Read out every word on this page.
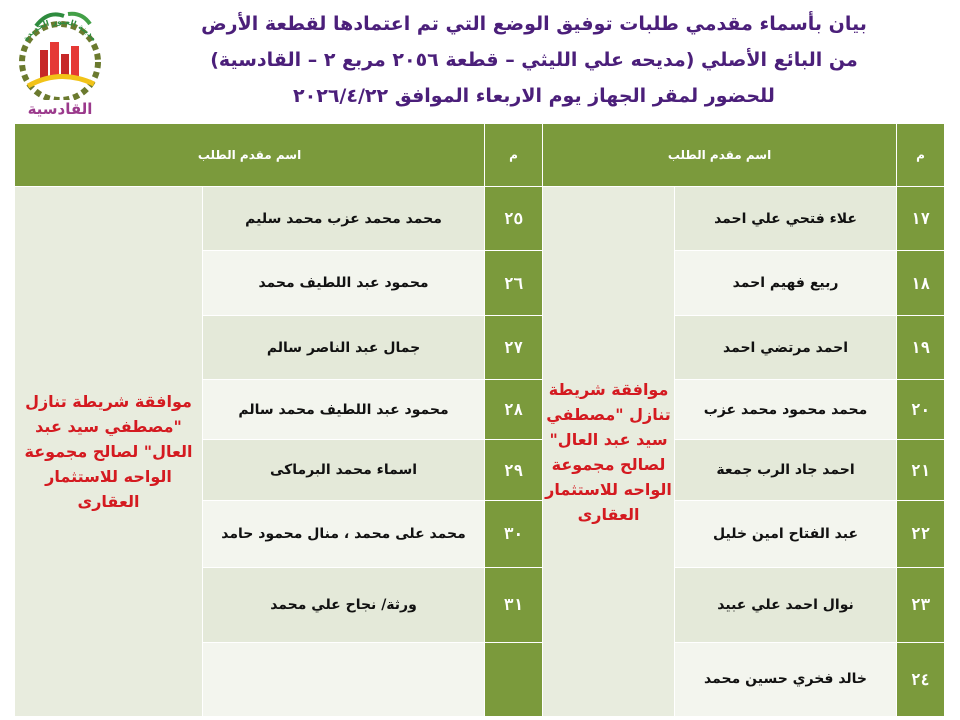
مدينة العبور الجديدة
القادسية
بيان بأسماء مقدمي طلبات توفيق الوضع التي تم اعتمادها لقطعة الأرض
من البائع الأصلي (مديحه علي الليثي – قطعة ٢٠٥٦ مربع ٢ – القادسية)
للحضور لمقر الجهاز يوم الاربعاء الموافق ٢٠٢٦/٤/٢٢
م	اسم مقدم الطلب		م	اسم مقدم الطلب	
١٧	علاء فتحي علي احمد	موافقة شريطة تنازل "مصطفي سيد عبد العال" لصالح مجموعة الواحه للاستثمار العقارى	٢٥	محمد محمد عزب محمد سليم	موافقة شريطة تنازل "مصطفي سيد عبد العال" لصالح مجموعة الواحه للاستثمار العقارى

١٨	ربيع فهيم احمد		٢٦	محمود عبد اللطيف محمد	
١٩	احمد مرتضي احمد		٢٧	جمال عبد الناصر سالم	
٢٠	محمد محمود محمد عزب		٢٨	محمود عبد اللطيف محمد سالم	
٢١	احمد جاد الرب جمعة		٢٩	اسماء محمد البرماكى	
٢٢	عبد الفتاح امين خليل		٣٠	محمد على محمد ، منال محمود حامد	
٢٣	نوال احمد علي عبيد		٣١	ورثة/ نجاح علي محمد	
٢٤	خالد فخري حسين محمد				
